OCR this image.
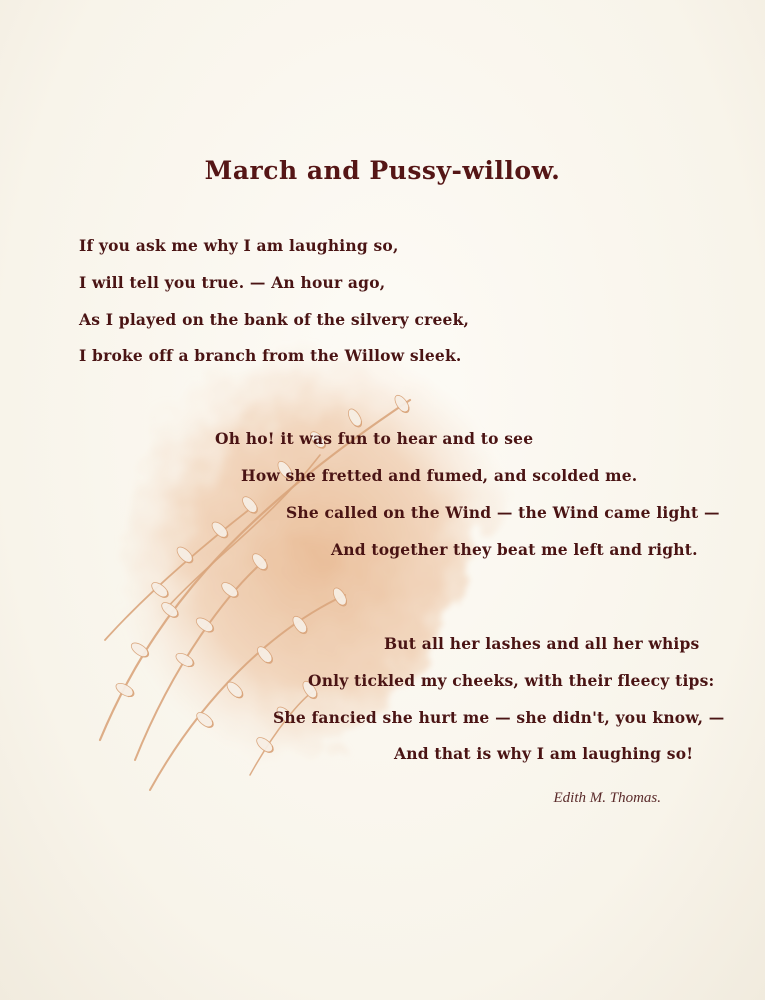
March and Pussy-willow.
If you ask me why I am laughing so,
I will tell you true. — An hour ago,
As I played on the bank of the silvery creek,
I broke off a branch from the Willow sleek.
Oh ho! it was fun to hear and to see
How she fretted and fumed, and scolded me.
She called on the Wind — the Wind came light —
And together they beat me left and right.
But all her lashes and all her whips
Only tickled my cheeks, with their fleecy tips:
She fancied she hurt me — she didn't, you know, —
And that is why I am laughing so!
Edith M. Thomas.
